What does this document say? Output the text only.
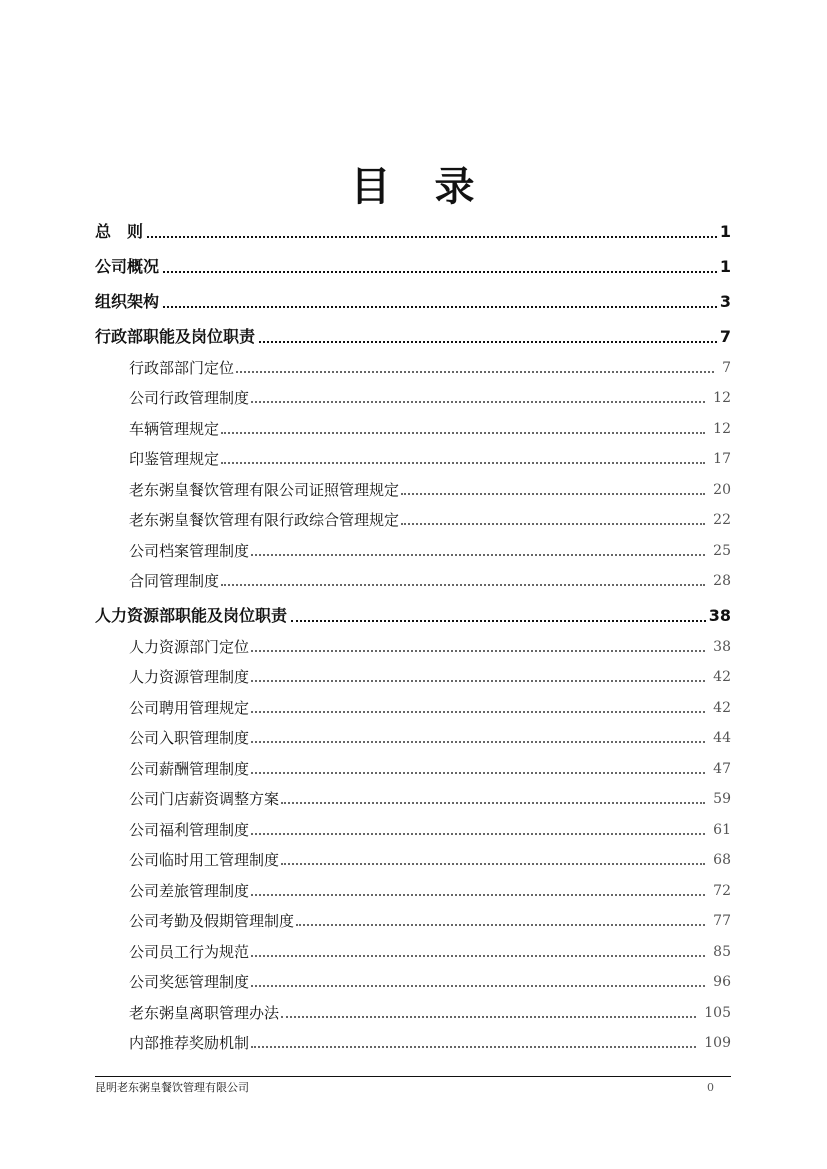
目　录
总　则	1
公司概况	1
组织架构	3
行政部职能及岗位职责	7
行政部部门定位	7
公司行政管理制度	12
车辆管理规定	12
印鉴管理规定	17
老东粥皇餐饮管理有限公司证照管理规定	20
老东粥皇餐饮管理有限行政综合管理规定	22
公司档案管理制度	25
合同管理制度	28
人力资源部职能及岗位职责	38
人力资源部门定位	38
人力资源管理制度	42
公司聘用管理规定	42
公司入职管理制度	44
公司薪酬管理制度	47
公司门店薪资调整方案	59
公司福利管理制度	61
公司临时用工管理制度	68
公司差旅管理制度	72
公司考勤及假期管理制度	77
公司员工行为规范	85
公司奖惩管理制度	96
老东粥皇离职管理办法	105
内部推荐奖励机制	109
昆明老东粥皇餐饮管理有限公司	0
